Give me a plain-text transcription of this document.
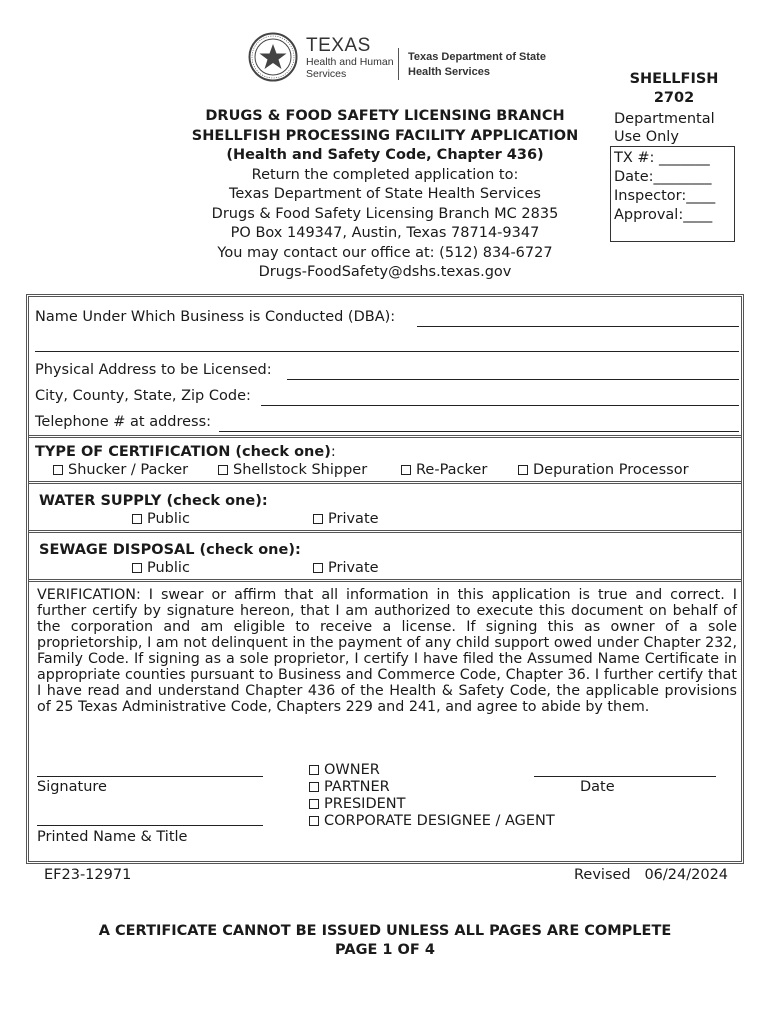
TEXAS
Health and Human
Services
Texas Department of State
Health Services
DRUGS & FOOD SAFETY LICENSING BRANCH
SHELLFISH PROCESSING FACILITY APPLICATION
(Health and Safety Code, Chapter 436)
Return the completed application to:
Texas Department of State Health Services
Drugs & Food Safety Licensing Branch MC 2835
PO Box 149347, Austin, Texas 78714-9347
You may contact our office at: (512) 834-6727
Drugs-FoodSafety@dshs.texas.gov
SHELLFISH
2702
Departmental
Use Only
TX #: _______
Date:________
Inspector:____
Approval:____
Name Under Which Business is Conducted (DBA):
Physical Address to be Licensed:
City, County, State, Zip Code:
Telephone # at address:
TYPE OF CERTIFICATION (check one):
Shucker / Packer	Shellstock Shipper	Re-Packer	Depuration Processor
WATER SUPPLY (check one):
Public	Private
SEWAGE DISPOSAL (check one):
Public	Private
VERIFICATION: I swear or affirm that all information in this application is true and correct. I further certify by signature hereon, that I am authorized to execute this document on behalf of the corporation and am eligible to receive a license. If signing this as owner of a sole proprietorship, I am not delinquent in the payment of any child support owed under Chapter 232, Family Code. If signing as a sole proprietor, I certify I have filed the Assumed Name Certificate in appropriate counties pursuant to Business and Commerce Code, Chapter 36. I further certify that I have read and understand Chapter 436 of the Health & Safety Code, the applicable provisions of 25 Texas Administrative Code, Chapters 229 and 241, and agree to abide by them.
Signature
Printed Name & Title
OWNER
PARTNER
PRESIDENT
CORPORATE DESIGNEE / AGENT
Date
EF23-12971	Revised   06/24/2024
A CERTIFICATE CANNOT BE ISSUED UNLESS ALL PAGES ARE COMPLETE
PAGE 1 OF 4
